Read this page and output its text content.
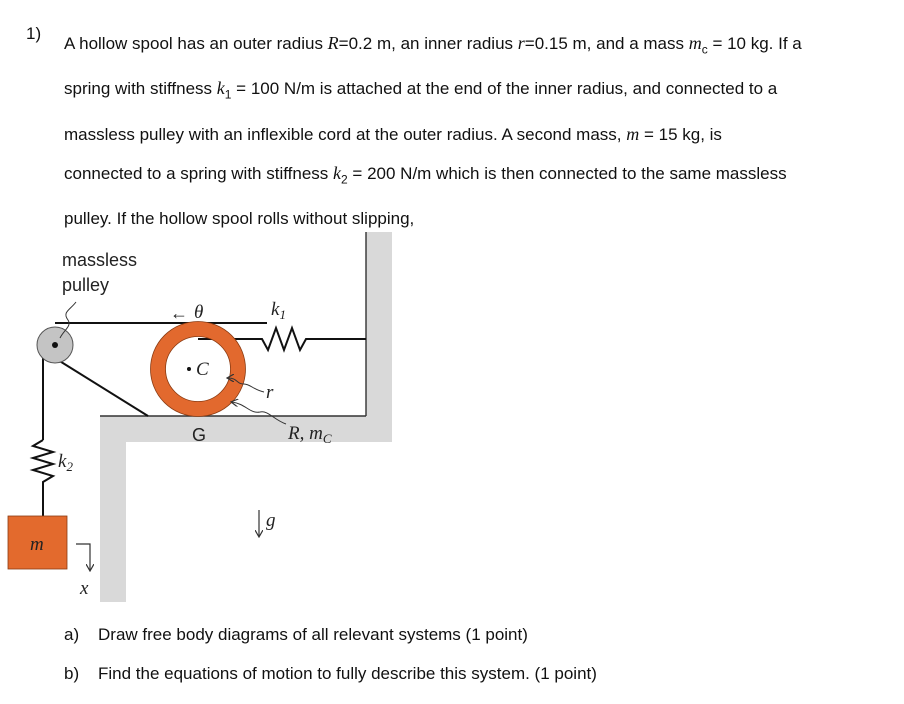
1)

A hollow spool has an outer radius R=0.2 m, an inner radius r=0.15 m, and a mass $m_c = 10$ kg. If a

spring with stiffness $k_1 = 100$ N/m is attached at the end of the inner radius, and connected to a

massless pulley with an inflexible cord at the outer radius. A second mass, m = 15 kg, is

connected to a spring with stiffness $k_2 = 200$ N/m which is then connected to the same massless

pulley. If the hollow spool rolls without slipping,

← θ
massless
pulley
$k_1$
C
r
G	R, $m_C$
$k_2$
g
m
x
a) Draw free body diagrams of all relevant systems (1 point)
b) Find the equations of motion to fully describe this system. (1 point)
